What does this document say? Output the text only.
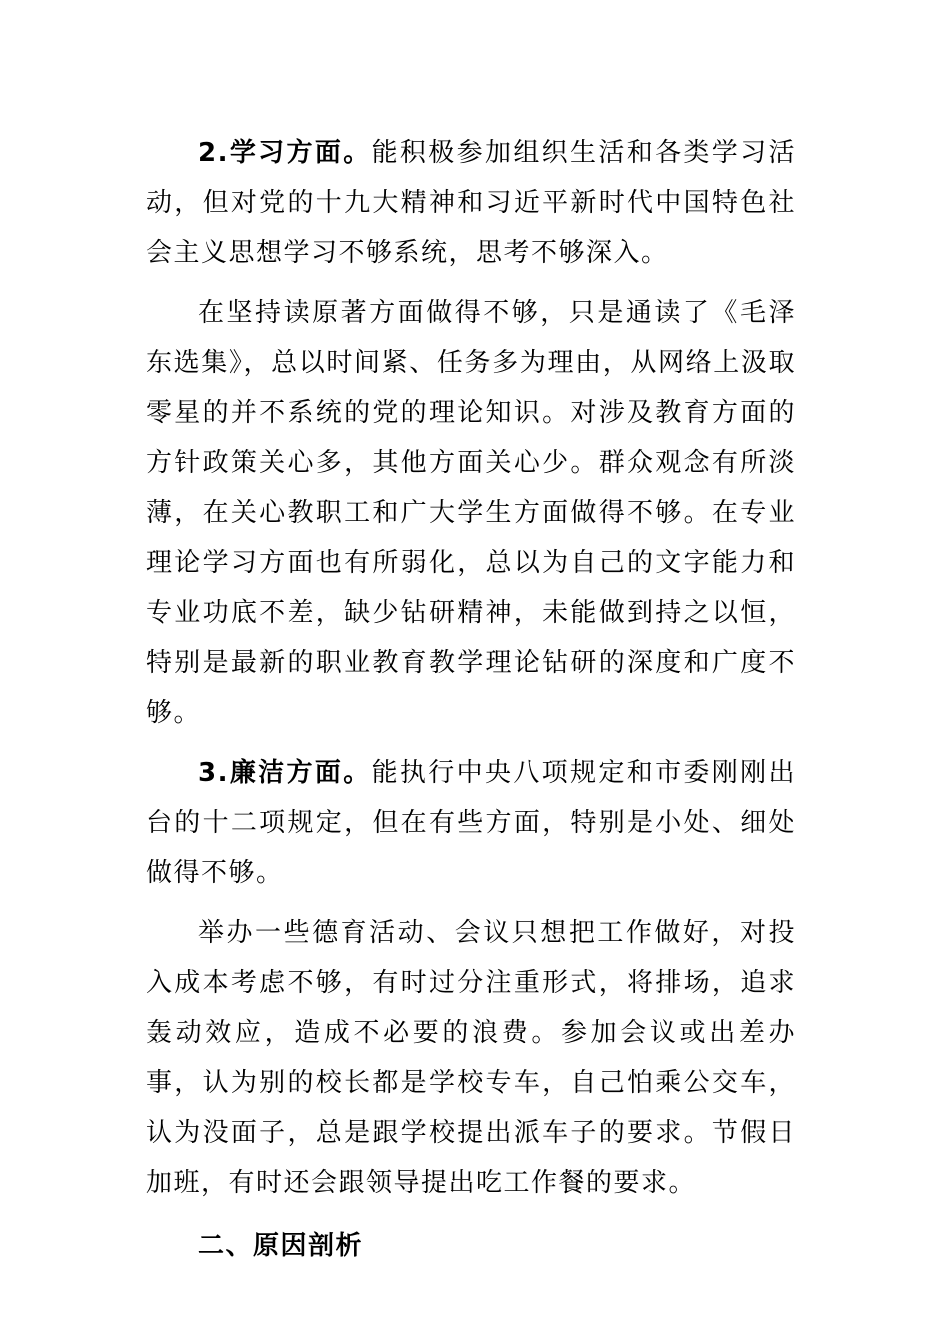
2.学习方面。能积极参加组织生活和各类学习活动，但对党的十九大精神和习近平新时代中国特色社会主义思想学习不够系统，思考不够深入。

在坚持读原著方面做得不够，只是通读了《毛泽东选集》，总以时间紧、任务多为理由，从网络上汲取零星的并不系统的党的理论知识。对涉及教育方面的方针政策关心多，其他方面关心少。群众观念有所淡薄，在关心教职工和广大学生方面做得不够。在专业理论学习方面也有所弱化，总以为自己的文字能力和专业功底不差，缺少钻研精神，未能做到持之以恒，特别是最新的职业教育教学理论钻研的深度和广度不够。

3.廉洁方面。能执行中央八项规定和市委刚刚出台的十二项规定，但在有些方面，特别是小处、细处做得不够。

举办一些德育活动、会议只想把工作做好，对投入成本考虑不够，有时过分注重形式，将排场，追求轰动效应，造成不必要的浪费。参加会议或出差办事，认为别的校长都是学校专车，自己怕乘公交车，认为没面子，总是跟学校提出派车子的要求。节假日加班，有时还会跟领导提出吃工作餐的要求。

二、原因剖析
